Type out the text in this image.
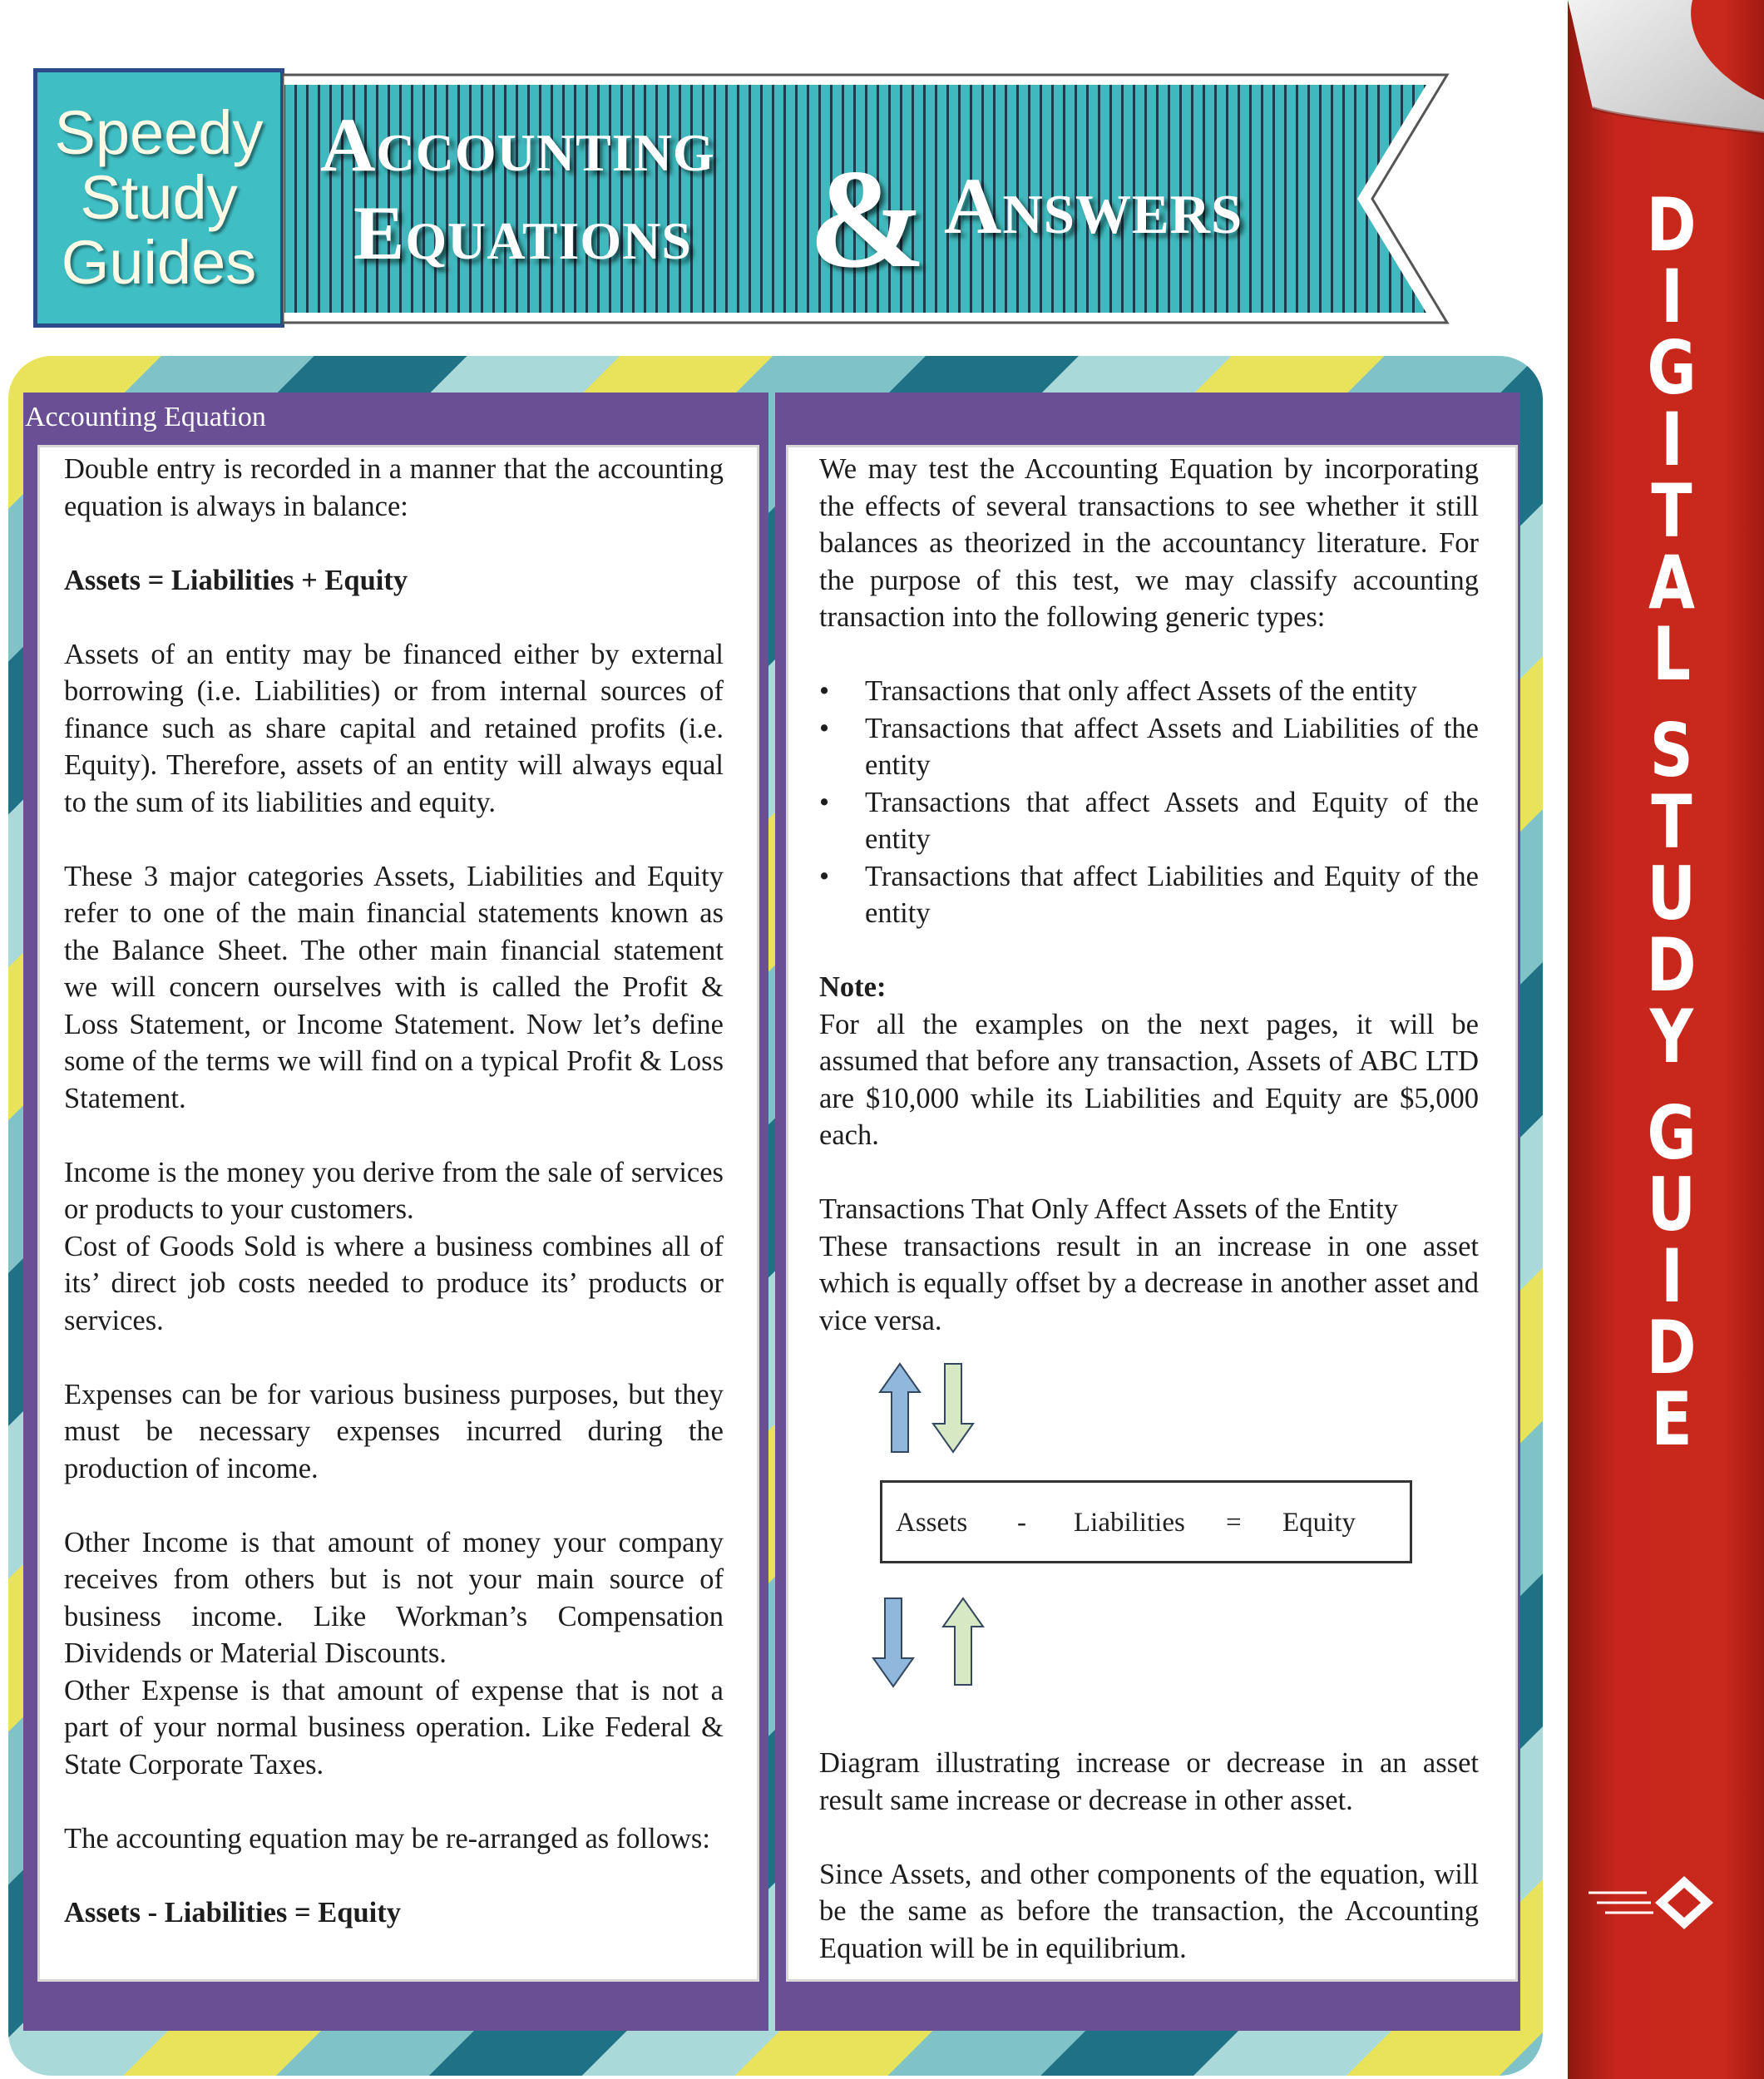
Speedy
Study
Guides
Accounting
Equations & Answers	D
I
G
I
T
A
L
S
T
U
D
Y
G
U
I
D
E
Accounting Equation

Double entry is recorded in a manner that the accounting equation is always in balance:

Assets = Liabilities + Equity

Assets of an entity may be financed either by external borrowing (i.e. Liabilities) or from internal sources of finance such as share capital and retained profits (i.e. Equity). Therefore, assets of an entity will always equal to the sum of its liabilities and equity.

These 3 major categories Assets, Liabilities and Equity refer to one of the main financial statements known as the Balance Sheet. The other main financial statement we will concern ourselves with is called the Profit & Loss Statement, or Income Statement. Now let’s define some of the terms we will find on a typical Profit & Loss Statement.

Income is the money you derive from the sale of services or products to your customers.

Cost of Goods Sold is where a business combines all of its’ direct job costs needed to produce its’ products or services.

Expenses can be for various business purposes, but they must be necessary expenses incurred during the production of income.

Other Income is that amount of money your company receives from others but is not your main source of business income. Like Workman’s Compensation Dividends or Material Discounts.

Other Expense is that amount of expense that is not a part of your normal business operation. Like Federal & State Corporate Taxes.

The accounting equation may be re-arranged as follows:

Assets - Liabilities = Equity

We may test the Accounting Equation by incorporating the effects of several transactions to see whether it still balances as theorized in the accountancy literature. For the purpose of this test, we may classify accounting transaction into the following generic types:

• Transactions that only affect Assets of the entity
• Transactions that affect Assets and Liabilities of the entity
• Transactions that affect Assets and Equity of the entity
• Transactions that affect Liabilities and Equity of the entity

Note:

For all the examples on the next pages, it will be assumed that before any transaction, Assets of ABC LTD are $10,000 while its Liabilities and Equity are $5,000 each.

Transactions That Only Affect Assets of the Entity

These transactions result in an increase in one asset which is equally offset by a decrease in another asset and vice versa.

Assets - Liabilities = Equity

Diagram illustrating increase or decrease in an asset result same increase or decrease in other asset.

Since Assets, and other components of the equation, will be the same as before the transaction, the Accounting Equation will be in equilibrium.
